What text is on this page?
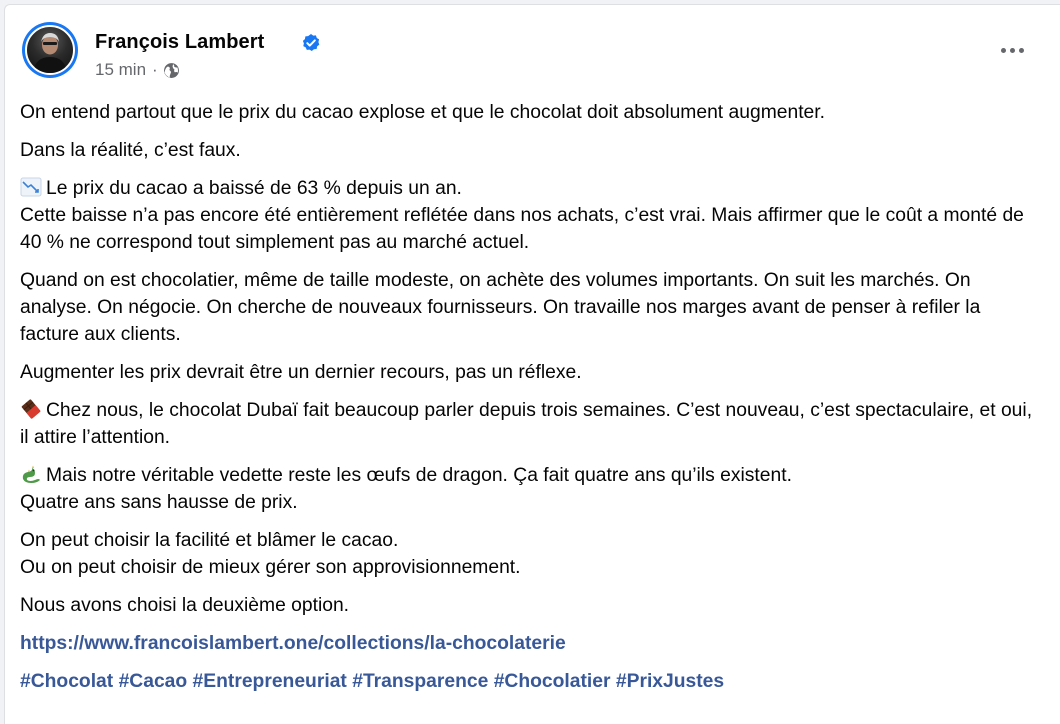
François Lambert
15 min ·

On entend partout que le prix du cacao explose et que le chocolat doit absolument augmenter.

Dans la réalité, c’est faux.

Le prix du cacao a baissé de 63 % depuis un an.
Cette baisse n’a pas encore été entièrement reflétée dans nos achats, c’est vrai. Mais affirmer que le coût a monté de 40 % ne correspond tout simplement pas au marché actuel.

Quand on est chocolatier, même de taille modeste, on achète des volumes importants. On suit les marchés. On analyse. On négocie. On cherche de nouveaux fournisseurs. On travaille nos marges avant de penser à refiler la facture aux clients.

Augmenter les prix devrait être un dernier recours, pas un réflexe.

Chez nous, le chocolat Dubaï fait beaucoup parler depuis trois semaines. C’est nouveau, c’est spectaculaire, et oui, il attire l’attention.

Mais notre véritable vedette reste les œufs de dragon. Ça fait quatre ans qu’ils existent.
Quatre ans sans hausse de prix.

On peut choisir la facilité et blâmer le cacao.
Ou on peut choisir de mieux gérer son approvisionnement.

Nous avons choisi la deuxième option.

https://www.francoislambert.one/collections/la-chocolaterie

#Chocolat #Cacao #Entrepreneuriat #Transparence #Chocolatier #PrixJustes
